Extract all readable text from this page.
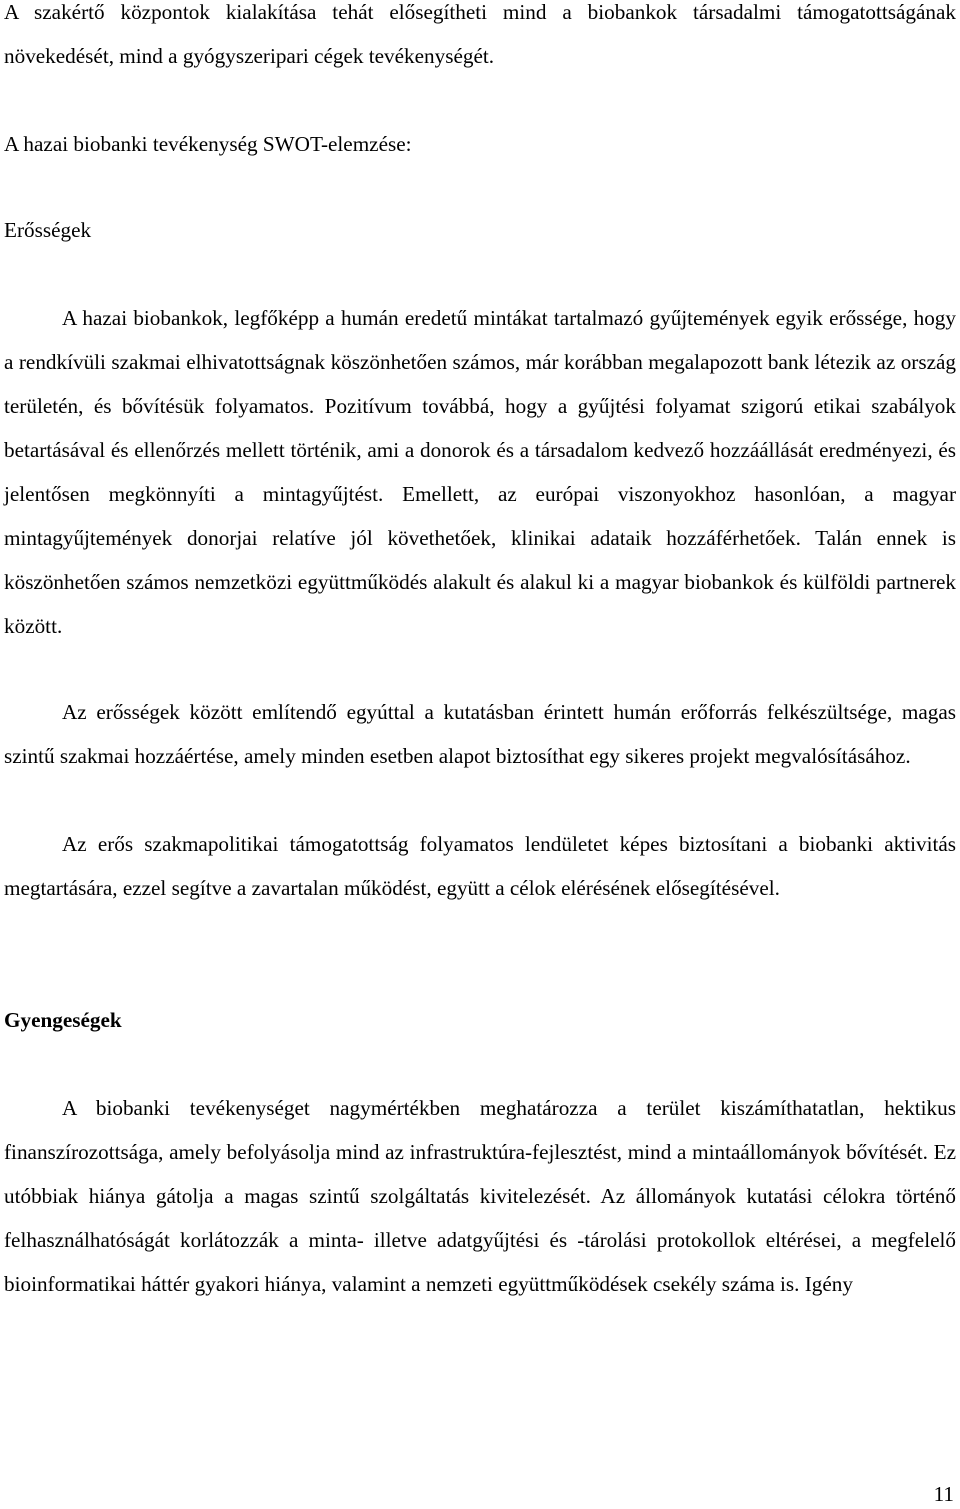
A szakértő központok kialakítása tehát elősegítheti mind a biobankok társadalmi támogatottságának növekedését, mind a gyógyszeripari cégek tevékenységét.

A hazai biobanki tevékenység SWOT-elemzése:

Erősségek

A hazai biobankok, legfőképp a humán eredetű mintákat tartalmazó gyűjtemények egyik erőssége, hogy a rendkívüli szakmai elhivatottságnak köszönhetően számos, már korábban megalapozott bank létezik az ország területén, és bővítésük folyamatos. Pozitívum továbbá, hogy a gyűjtési folyamat szigorú etikai szabályok betartásával és ellenőrzés mellett történik, ami a donorok és a társadalom kedvező hozzáállását eredményezi, és jelentősen megkönnyíti a mintagyűjtést. Emellett, az európai viszonyokhoz hasonlóan, a magyar mintagyűjtemények donorjai relatíve jól követhetőek, klinikai adataik hozzáférhetőek. Talán ennek is köszönhetően számos nemzetközi együttműködés alakult és alakul ki a magyar biobankok és külföldi partnerek között.

Az erősségek között említendő egyúttal a kutatásban érintett humán erőforrás felkészültsége, magas szintű szakmai hozzáértése, amely minden esetben alapot biztosíthat egy sikeres projekt megvalósításához.

Az erős szakmapolitikai támogatottság folyamatos lendületet képes biztosítani a biobanki aktivitás megtartására, ezzel segítve a zavartalan működést, együtt a célok elérésének elősegítésével.

Gyengeségek

A biobanki tevékenységet nagymértékben meghatározza a terület kiszámíthatatlan, hektikus finanszírozottsága, amely befolyásolja mind az infrastruktúra-fejlesztést, mind a mintaállományok bővítését. Ez utóbbiak hiánya gátolja a magas szintű szolgáltatás kivitelezését. Az állományok kutatási célokra történő felhasználhatóságát korlátozzák a minta- illetve adatgyűjtési és -tárolási protokollok eltérései, a megfelelő bioinformatikai háttér gyakori hiánya, valamint a nemzeti együttműködések csekély száma is. Igény

11
